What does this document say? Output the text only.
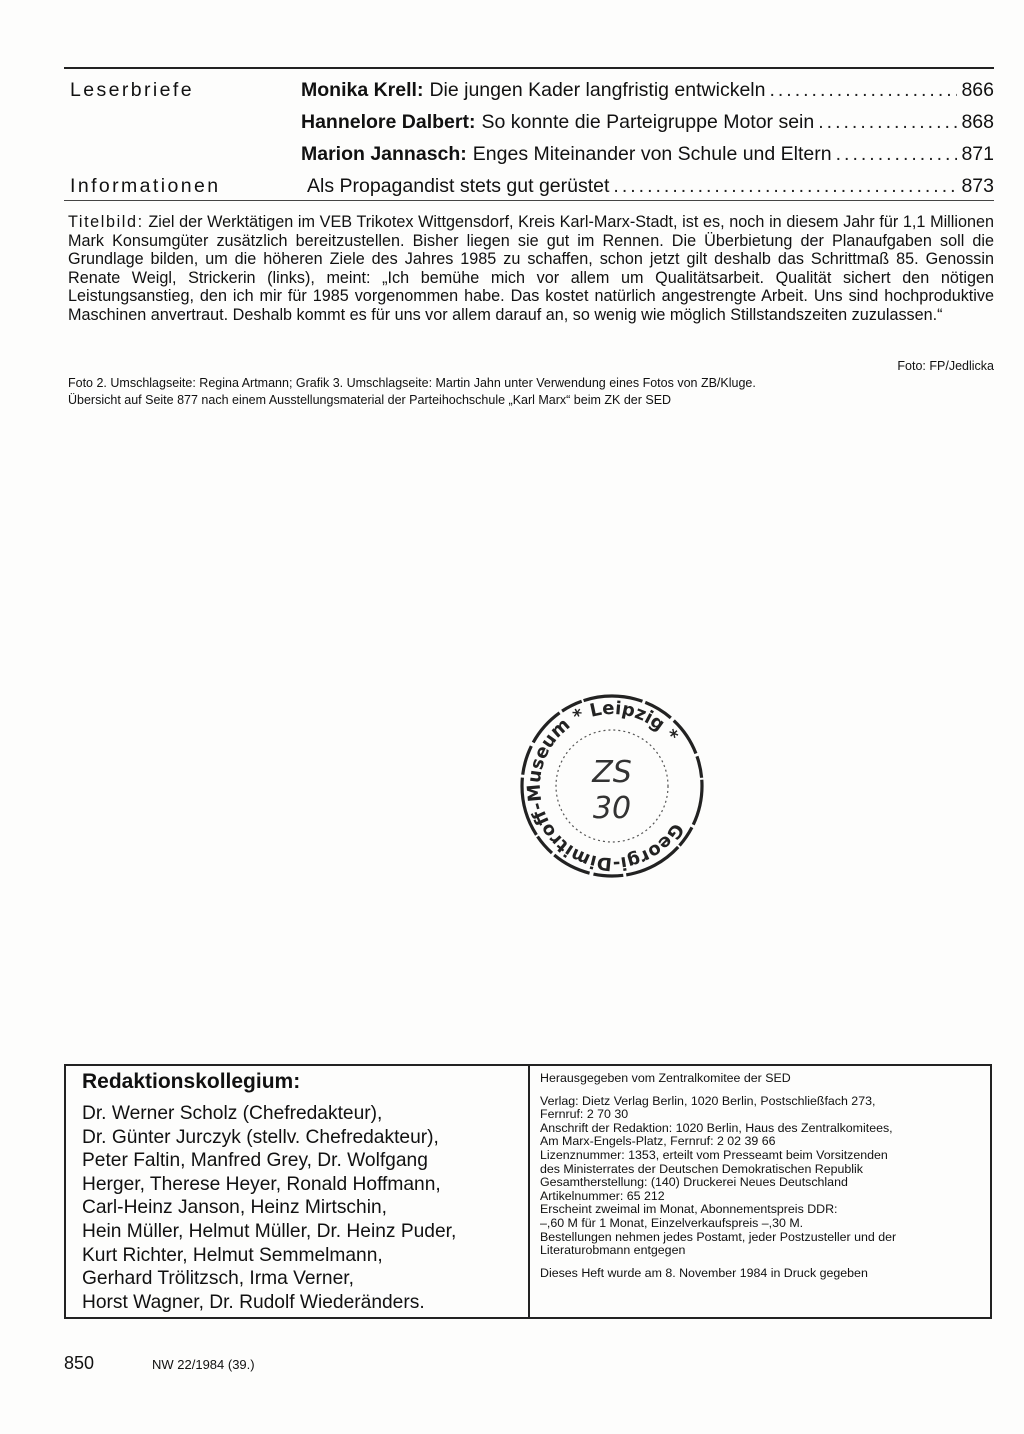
Leserbriefe	Monika Krell: Die jungen Kader langfristig entwickeln .....	866
Hannelore Dalbert: So konnte die Parteigruppe Motor sein .....	868
Marion Jannasch: Enges Miteinander von Schule und Eltern .....	871
Informationen	Als Propagandist stets gut gerüstet .....	873
Titelbild: Ziel der Werktätigen im VEB Trikotex Wittgensdorf, Kreis Karl-Marx-Stadt, ist es, noch in diesem Jahr für 1,1 Millionen Mark Konsumgüter zusätzlich bereitzustellen. Bisher liegen sie gut im Rennen. Die Überbietung der Planaufgaben soll die Grundlage bilden, um die höheren Ziele des Jahres 1985 zu schaffen, schon jetzt gilt deshalb das Schrittmaß 85. Genossin Renate Weigl, Strickerin (links), meint: „Ich bemühe mich vor allem um Qualitätsarbeit. Qualität sichert den nötigen Leistungsanstieg, den ich mir für 1985 vorgenommen habe. Das kostet natürlich angestrengte Arbeit. Uns sind hochproduktive Maschinen anvertraut. Deshalb kommt es für uns vor allem darauf an, so wenig wie möglich Stillstandszeiten zuzulassen.“
Foto: FP/Jedlicka
Foto 2. Umschlagseite: Regina Artmann; Grafik 3. Umschlagseite: Martin Jahn unter Verwendung eines Fotos von ZB/Kluge.
Übersicht auf Seite 877 nach einem Ausstellungsmaterial der Parteihochschule „Karl Marx“ beim ZK der SED
Georgi-Dimitroff-Museum * Leipzig *
ZS
30
Redaktionskollegium:
Dr. Werner Scholz (Chefredakteur),
Dr. Günter Jurczyk (stellv. Chefredakteur),
Peter Faltin, Manfred Grey, Dr. Wolfgang
Herger, Therese Heyer, Ronald Hoffmann,
Carl-Heinz Janson, Heinz Mirtschin,
Hein Müller, Helmut Müller, Dr. Heinz Puder,
Kurt Richter, Helmut Semmelmann,
Gerhard Trölitzsch, Irma Verner,
Horst Wagner, Dr. Rudolf Wiederänders.
Herausgegeben vom Zentralkomitee der SED
Verlag: Dietz Verlag Berlin, 1020 Berlin, Postschließfach 273,
Fernruf: 2 70 30
Anschrift der Redaktion: 1020 Berlin, Haus des Zentralkomitees,
Am Marx-Engels-Platz, Fernruf: 2 02 39 66
Lizenznummer: 1353, erteilt vom Presseamt beim Vorsitzenden
des Ministerrates der Deutschen Demokratischen Republik
Gesamtherstellung: (140) Druckerei Neues Deutschland
Artikelnummer: 65 212
Erscheint zweimal im Monat, Abonnementspreis DDR:
–,60 M für 1 Monat, Einzelverkaufspreis –,30 M.
Bestellungen nehmen jedes Postamt, jeder Postzusteller und der
Literaturobmann entgegen
Dieses Heft wurde am 8. November 1984 in Druck gegeben
850	NW 22/1984 (39.)
